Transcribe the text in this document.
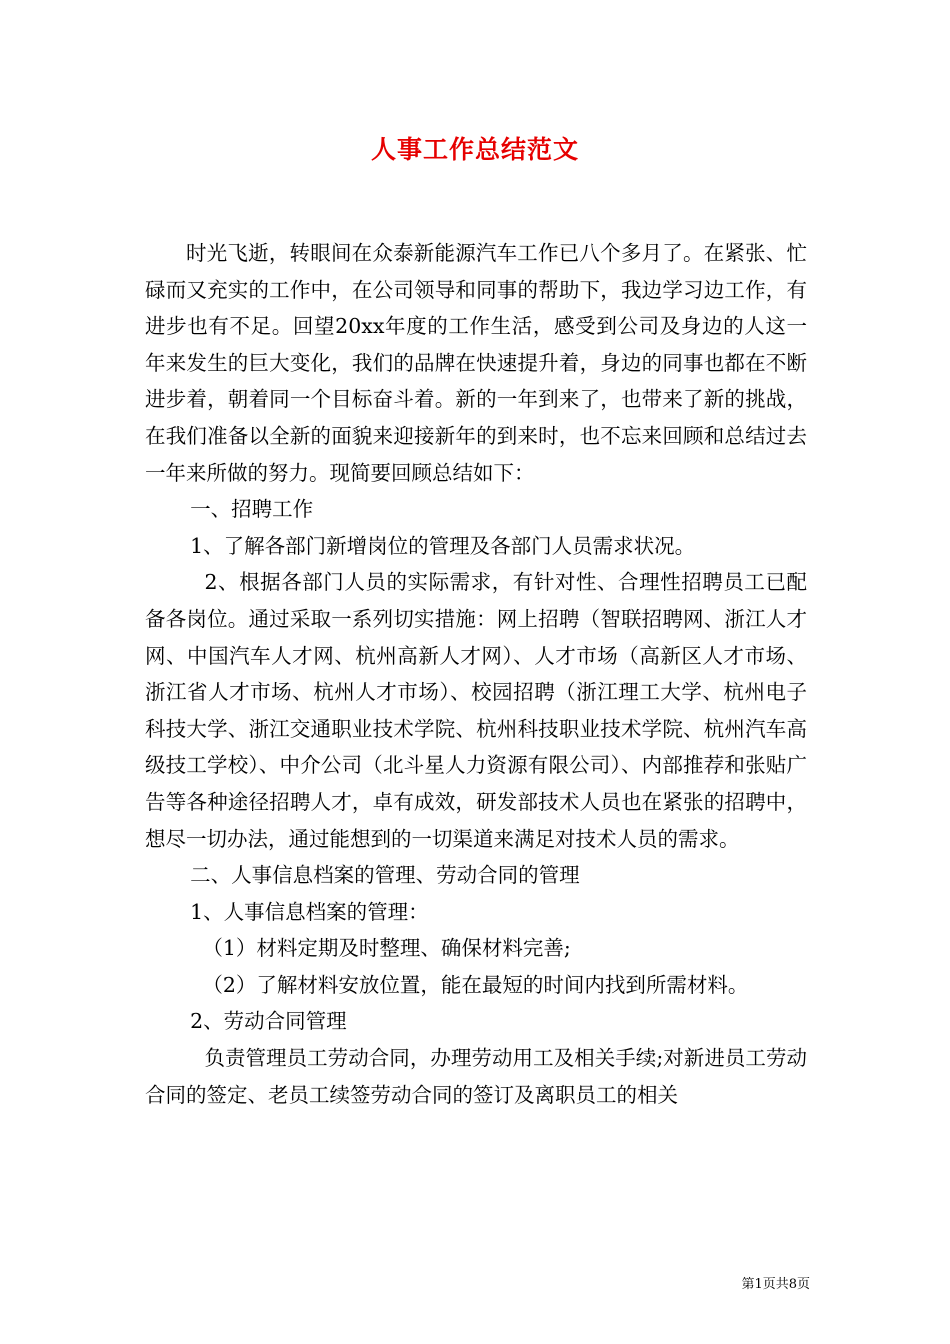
人事工作总结范文

时光飞逝，转眼间在众泰新能源汽车工作已八个多月了。在紧张、忙碌而又充实的工作中，在公司领导和同事的帮助下，我边学习边工作，有进步也有不足。回望20xx年度的工作生活，感受到公司及身边的人这一年来发生的巨大变化，我们的品牌在快速提升着，身边的同事也都在不断进步着，朝着同一个目标奋斗着。新的一年到来了，也带来了新的挑战，在我们准备以全新的面貌来迎接新年的到来时，也不忘来回顾和总结过去一年来所做的努力。现简要回顾总结如下：

一、招聘工作

1、了解各部门新增岗位的管理及各部门人员需求状况。

2、根据各部门人员的实际需求，有针对性、合理性招聘员工已配备各岗位。通过采取一系列切实措施：网上招聘（智联招聘网、浙江人才网、中国汽车人才网、杭州高新人才网）、人才市场（高新区人才市场、浙江省人才市场、杭州人才市场）、校园招聘（浙江理工大学、杭州电子科技大学、浙江交通职业技术学院、杭州科技职业技术学院、杭州汽车高级技工学校）、中介公司（北斗星人力资源有限公司）、内部推荐和张贴广告等各种途径招聘人才，卓有成效，研发部技术人员也在紧张的招聘中，想尽一切办法，通过能想到的一切渠道来满足对技术人员的需求。

二、人事信息档案的管理、劳动合同的管理

1、人事信息档案的管理：

（1）材料定期及时整理、确保材料完善;

（2）了解材料安放位置，能在最短的时间内找到所需材料。

2、劳动合同管理

负责管理员工劳动合同，办理劳动用工及相关手续;对新进员工劳动合同的签定、老员工续签劳动合同的签订及离职员工的相关

第1页共8页
